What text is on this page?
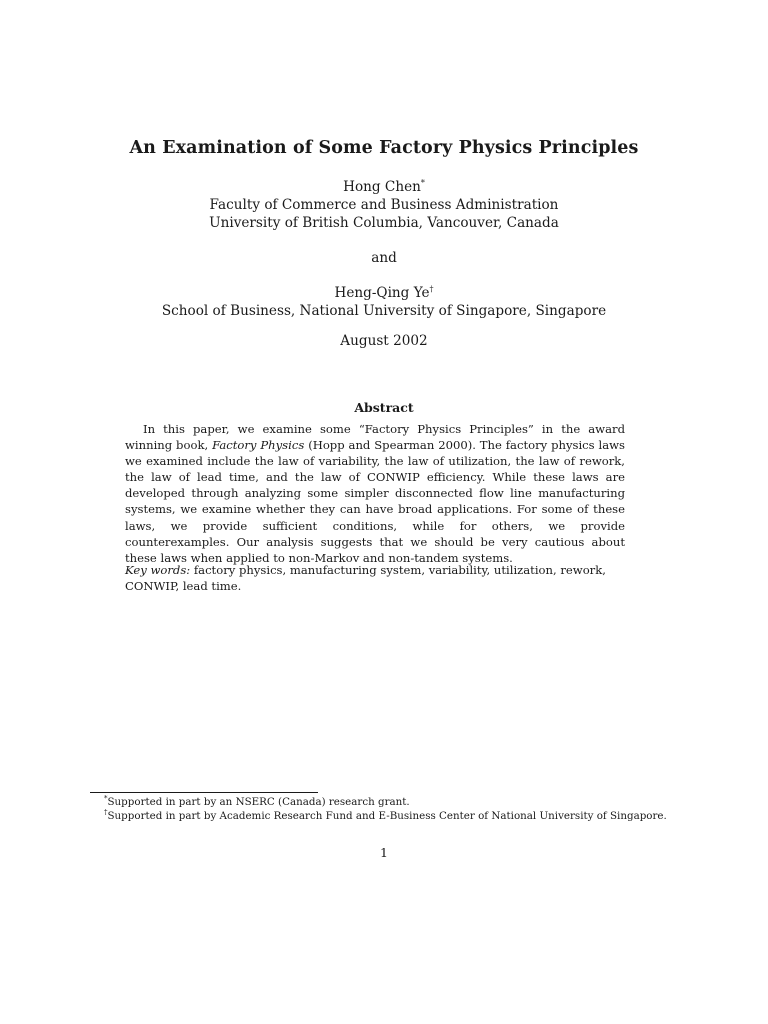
An Examination of Some Factory Physics Principles
Hong Chen*
Faculty of Commerce and Business Administration
University of British Columbia, Vancouver, Canada
and
Heng-Qing Ye†
School of Business, National University of Singapore, Singapore
August 2002
Abstract

In this paper, we examine some “Factory Physics Principles” in the award winning book, Factory Physics (Hopp and Spearman 2000). The factory physics laws we examined include the law of variability, the law of utilization, the law of rework, the law of lead time, and the law of CONWIP efficiency. While these laws are developed through analyzing some simpler disconnected flow line manufacturing systems, we examine whether they can have broad applications. For some of these laws, we provide sufficient conditions, while for others, we provide counterexamples. Our analysis suggests that we should be very cautious about these laws when applied to non-Markov and non-tandem systems.

Key words: factory physics, manufacturing system, variability, utilization, rework, CONWIP, lead time.
*Supported in part by an NSERC (Canada) research grant.
†Supported in part by Academic Research Fund and E-Business Center of National University of Singapore.
1
